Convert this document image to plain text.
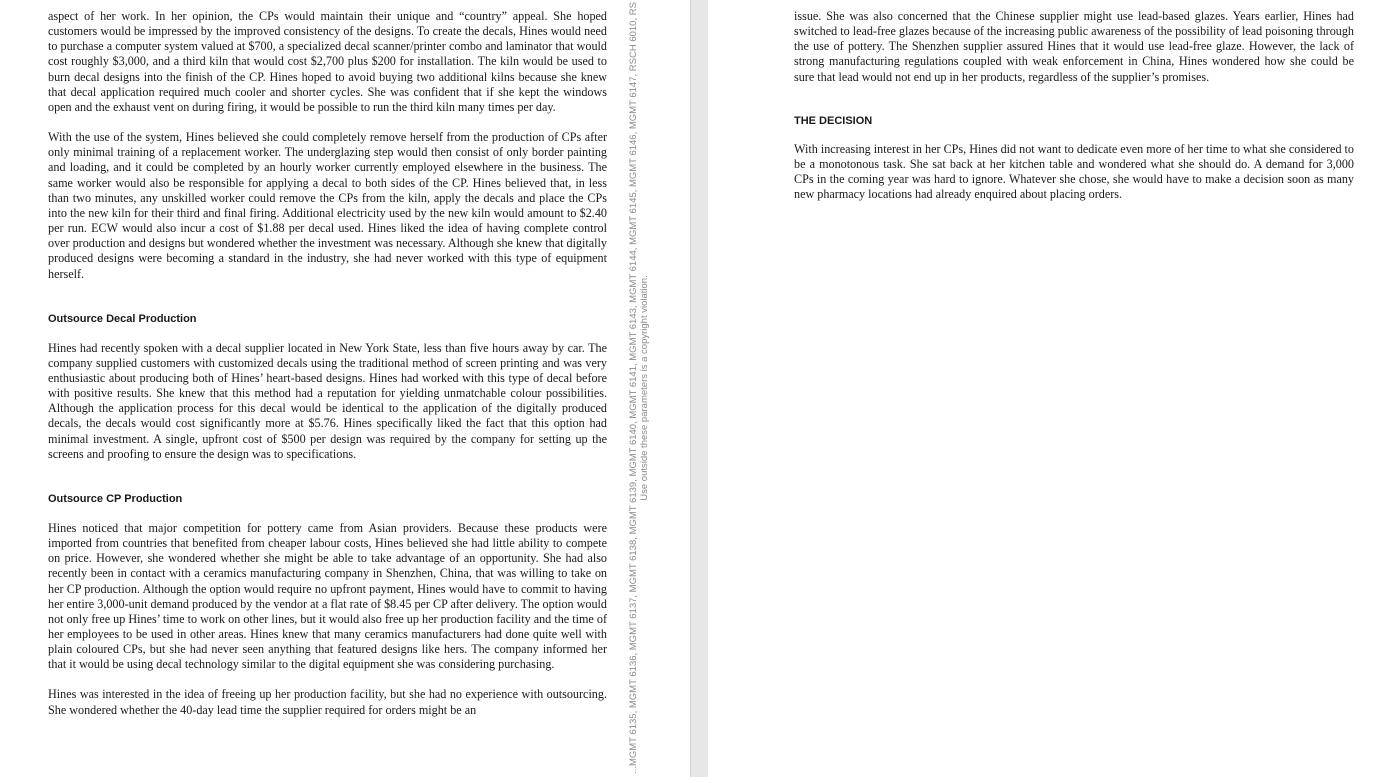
aspect of her work. In her opinion, the CPs would maintain their unique and “country” appeal. She hoped customers would be impressed by the improved consistency of the designs. To create the decals, Hines would need to purchase a computer system valued at $700, a specialized decal scanner/printer combo and laminator that would cost roughly $3,000, and a third kiln that would cost $2,700 plus $200 for installation. The kiln would be used to burn decal designs into the finish of the CP. Hines hoped to avoid buying two additional kilns because she knew that decal application required much cooler and shorter cycles. She was confident that if she kept the windows open and the exhaust vent on during firing, it would be possible to run the third kiln many times per day.

With the use of the system, Hines believed she could completely remove herself from the production of CPs after only minimal training of a replacement worker. The underglazing step would then consist of only border painting and loading, and it could be completed by an hourly worker currently employed elsewhere in the business. The same worker would also be responsible for applying a decal to both sides of the CP. Hines believed that, in less than two minutes, any unskilled worker could remove the CPs from the kiln, apply the decals and place the CPs into the new kiln for their third and final firing. Additional electricity used by the new kiln would amount to $2.40 per run. ECW would also incur a cost of $1.88 per decal used. Hines liked the idea of having complete control over production and designs but wondered whether the investment was necessary. Although she knew that digitally produced designs were becoming a standard in the industry, she had never worked with this type of equipment herself.

Outsource Decal Production

Hines had recently spoken with a decal supplier located in New York State, less than five hours away by car. The company supplied customers with customized decals using the traditional method of screen printing and was very enthusiastic about producing both of Hines’ heart-based designs. Hines had worked with this type of decal before with positive results. She knew that this method had a reputation for yielding unmatchable colour possibilities. Although the application process for this decal would be identical to the application of the digitally produced decals, the decals would cost significantly more at $5.76. Hines specifically liked the fact that this option had minimal investment. A single, upfront cost of $500 per design was required by the company for setting up the screens and proofing to ensure the design was to specifications.

Outsource CP Production

Hines noticed that major competition for pottery came from Asian providers. Because these products were imported from countries that benefited from cheaper labour costs, Hines believed she had little ability to compete on price. However, she wondered whether she might be able to take advantage of an opportunity. She had also recently been in contact with a ceramics manufacturing company in Shenzhen, China, that was willing to take on her CP production. Although the option would require no upfront payment, Hines would have to commit to having her entire 3,000-unit demand produced by the vendor at a flat rate of $8.45 per CP after delivery. The option would not only free up Hines’ time to work on other lines, but it would also free up her production facility and the time of her employees to be used in other areas. Hines knew that many ceramics manufacturers had done quite well with plain coloured CPs, but she had never seen anything that featured designs like hers. The company informed her that it would be using decal technology similar to the digital equipment she was considering purchasing.

Hines was interested in the idea of freeing up her production facility, but she had no experience with outsourcing. She wondered whether the 40-day lead time the supplier required for orders might be an	...MGMT 6135, MGMT 6136, MGMT 6137, MGMT 6138, MGMT 6139, MGMT 6140, MGMT 6141, MGMT 6143, MGMT 6144, MGMT 6145, MGMT 6146, MGMT 6147, RSCH 6010, RS Use outside these parameters is a copyright violation.

issue. She was also concerned that the Chinese supplier might use lead-based glazes. Years earlier, Hines had switched to lead-free glazes because of the increasing public awareness of the possibility of lead poisoning through the use of pottery. The Shenzhen supplier assured Hines that it would use lead-free glaze. However, the lack of strong manufacturing regulations coupled with weak enforcement in China, Hines wondered how she could be sure that lead would not end up in her products, regardless of the supplier’s promises.

THE DECISION

With increasing interest in her CPs, Hines did not want to dedicate even more of her time to what she considered to be a monotonous task. She sat back at her kitchen table and wondered what she should do. A demand for 3,000 CPs in the coming year was hard to ignore. Whatever she chose, she would have to make a decision soon as many new pharmacy locations had already enquired about placing orders.
